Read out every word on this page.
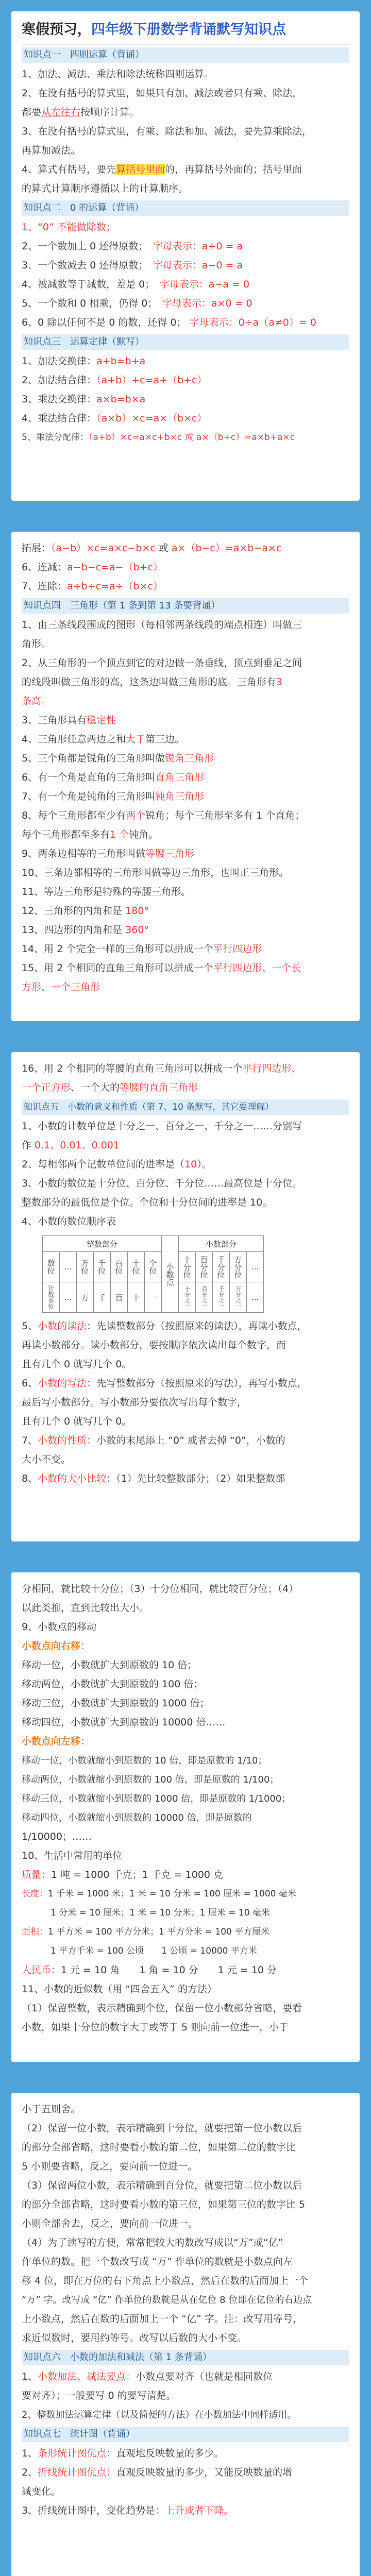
寒假预习， 四年级下册数学背诵默写知识点
知识点一　四则运算（背诵）
1、加法、减法、乘法和除法统称四则运算。
2、在没有括号的算式里，如果只有加、减法或者只有乘、除法，
都要从左往右按顺序计算。
3、在没有括号的算式里，有乘、除法和加、减法，要先算乘除法，
再算加减法。
4、算式有括号，要先算括号里面的，再算括号外面的；括号里面
的算式计算顺序遵循以上的计算顺序。
知识点二　0 的运算（背诵）
1、“0” 不能做除数；
2、一个数加上 0 还得原数；　 字母表示：a+0 = a
3、一个数减去 0 还得原数；　 字母表示：a−0 = a
4、被减数等于减数，差是 0；　 字母表示：a−a = 0
5、一个数和 0 相乘，仍得 0；　 字母表示：a×0 = 0
6、0 除以任何不是 0 的数，还得 0； 字母表示：0÷a（a≠0）= 0
知识点三　运算定律（默写）
1、加法交换律：a+b=b+a
2、加法结合律：（a+b）+c=a+（b+c）
3、乘法交换律：a×b=b×a
4、乘法结合律：（a×b）×c=a×（b×c）
5、乘法分配律：（a+b）×c=a×c+b×c 或 a×（b+c）=a×b+a×c
拓展：（a−b）×c=a×c−b×c 或 a×（b−c）=a×b−a×c
6、连减：a−b−c=a−（b+c）
7、连除：a÷b÷c=a÷（b×c）
知识点四　三角形（第 1 条到第 13 条要背诵）
1、由三条线段围成的图形（每相邻两条线段的端点相连）叫做三
角形。
2、从三角形的一个顶点到它的对边做一条垂线，顶点到垂足之间
的线段叫做三角形的高，这条边叫做三角形的底。三角形有3
条高。
3、三角形具有稳定性
4、三角形任意两边之和大于第三边。
5、三个角都是锐角的三角形叫做锐角三角形
6、有一个角是直角的三角形叫直角三角形
7、有一个角是钝角的三角形叫钝角三角形
8、每个三角形都至少有两个锐角；每个三角形至多有 1 个直角；
每个三角形都至多有1 个钝角。
9、两条边相等的三角形叫做等腰三角形
10、三条边都相等的三角形叫做等边三角形，也叫正三角形。
11、等边三角形是特殊的等腰三角形。
12、三角形的内角和是 180°
13、四边形的内角和是 360°
14、用 2 个完全一样的三角形可以拼成一个平行四边形
15、用 2 个相同的直角三角形可以拼成一个平行四边形、一个长
方形、一个三角形
16、用 2 个相同的等腰的直角三角形可以拼成一个平行四边形、
一个正方形、一个大的等腰的直角三角形
知识点五　小数的意义和性质（第 7、10 条默写，其它要理解）
1、小数的计数单位是十分之一、百分之一、千分之一……分别写
作 0.1、0.01、0.001
2、每相邻两个记数单位间的进率是（10）。
3、小数的数位是十分位、百分位、千分位……最高位是十分位。
整数部分的最低位是个位。个位和十分位间的进率是 10。
4、小数的数位顺序表
整数部分							小数点	小数部分				
数位	…	万位	千位	百位	十位	个位		十分位	百分位	千分位	万分位	…
计数单位	…	万	千	百	十	一		十分之一	百分之一	千分之一	万分之一	…
5、小数的读法：先读整数部分（按照原来的读法），再读小数点，
再读小数部分。读小数部分，要按顺序依次读出每个数字，而
且有几个 0 就写几个 0。
6、小数的写法：先写整数部分（按照原来的写法），再写小数点，
最后写小数部分。写小数部分要依次写出每个数字，
且有几个 0 就写几个 0。
7、小数的性质：小数的末尾添上 “0” 或者去掉 “0”，小数的
大小不变。
8、小数的大小比较：（1）先比较整数部分；（2）如果整数部
分相同，就比较十分位；（3）十分位相同，就比较百分位；（4）
以此类推，直到比较出大小。
9、小数点的移动
小数点向右移：
移动一位，小数就扩大到原数的 10 倍；
移动两位，小数就扩大到原数的 100 倍；
移动三位，小数就扩大到原数的 1000 倍；
移动四位，小数就扩大到原数的 10000 倍……
小数点向左移：
移动一位，小数就缩小到原数的 10 倍，即是原数的 1/10；
移动两位，小数就缩小到原数的 100 倍，即是原数的 1/100；
移动三位，小数就缩小到原数的 1000 倍，即是原数的 1/1000；
移动四位，小数就缩小到原数的 10000 倍，即是原数的
1/10000；……
10、生活中常用的单位
质量：1 吨 = 1000 千克；1 千克 = 1000 克
长度：1 千米 = 1000 米；1 米 = 10 分米 = 100 厘米 = 1000 毫米
1 分米 = 10 厘米；1 米 = 10 分米；1 厘米 = 10 毫米
面积：1 平方米 = 100 平方分米；1 平方分米 = 100 平方厘米
1 平方千米 = 100 公顷　　1 公顷 = 10000 平方米
人民币：1 元 = 10 角　　1 角 = 10 分　　1 元 = 10 分
11、小数的近似数（用 “四舍五入” 的方法）
（1）保留整数，表示精确到个位，保留一位小数部分省略，要看
小数，如果十分位的数字大于或等于 5 则向前一位进一，小于
小于五则舍。
（2）保留一位小数，表示精确到十分位，就要把第一位小数以后
的部分全部省略，这时要看小数的第二位，如果第二位的数字比
5 小则要省略，反之，要向前一位进一。
（3）保留两位小数，表示精确到百分位，就要把第二位小数以后
的部分全部省略，这时要看小数的第三位，如果第三位的数字比 5
小则全部舍去，反之，要向前一位进一。
（4）为了读写的方便，常常把较大的数改写成以“万”或“亿”
作单位的数。把一个数改写成 “万” 作单位的数就是小数点向左
移 4 位，即在万位的右下角点上小数点，然后在数的后面加上一个
“万” 字。改写成 “亿” 作单位的数就是从在亿位 8 位即在亿位的右边点
上小数点，然后在数的后面加上一个 “亿” 字。注：改写用等号，
求近似数时，要用约等号。改写以后数的大小不变。
知识点六　小数的加法和减法（第 1 条背诵）
1、小数加法、减法要点：小数点要对齐（也就是相同数位
要对齐）；一般要写 0 的要写清楚。
2、整数加法运算定律（以及简便的方法）在小数加法中同样适用。
知识点七　统计图（背诵）
1、条形统计图优点：直观地反映数量的多少。
2、折线统计图优点：直观反映数量的多少，又能反映数量的增
减变化。
3、折线统计图中，变化趋势是：上升或者下降。
